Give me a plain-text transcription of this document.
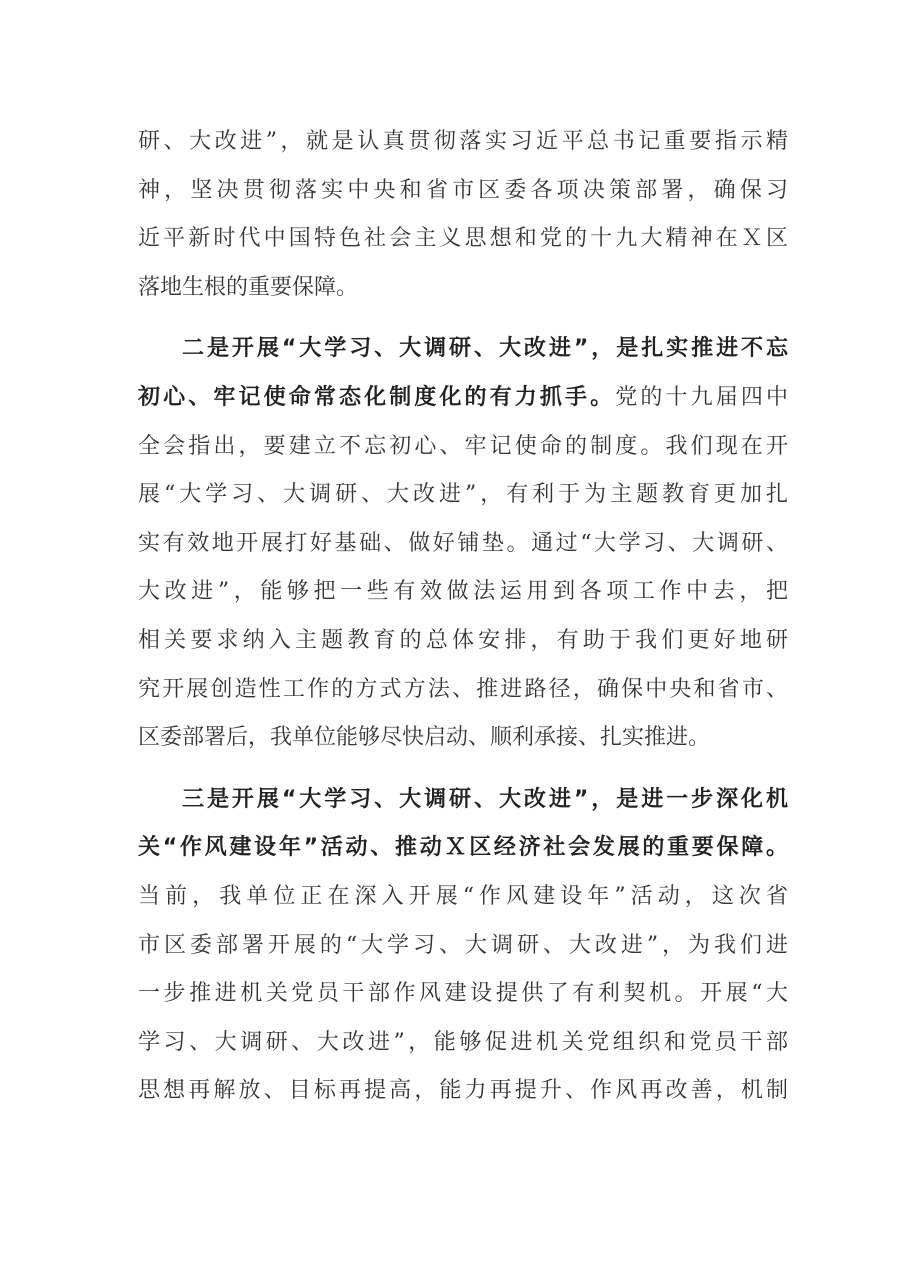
研、大改进”，就是认真贯彻落实习近平总书记重要指示精
神，坚决贯彻落实中央和省市区委各项决策部署，确保习
近平新时代中国特色社会主义思想和党的十九大精神在Ｘ区
落地生根的重要保障。
二是开展“大学习、大调研、大改进”，是扎实推进不忘
初心、牢记使命常态化制度化的有力抓手。党的十九届四中
全会指出，要建立不忘初心、牢记使命的制度。我们现在开
展“大学习、大调研、大改进”，有利于为主题教育更加扎
实有效地开展打好基础、做好铺垫。通过“大学习、大调研、
大改进”，能够把一些有效做法运用到各项工作中去，把
相关要求纳入主题教育的总体安排，有助于我们更好地研
究开展创造性工作的方式方法、推进路径，确保中央和省市、
区委部署后，我单位能够尽快启动、顺利承接、扎实推进。
三是开展“大学习、大调研、大改进”，是进一步深化机
关“作风建设年”活动、推动Ｘ区经济社会发展的重要保障。
当前，我单位正在深入开展“作风建设年”活动，这次省
市区委部署开展的“大学习、大调研、大改进”，为我们进
一步推进机关党员干部作风建设提供了有利契机。开展“大
学习、大调研、大改进”，能够促进机关党组织和党员干部
思想再解放、目标再提高，能力再提升、作风再改善，机制
